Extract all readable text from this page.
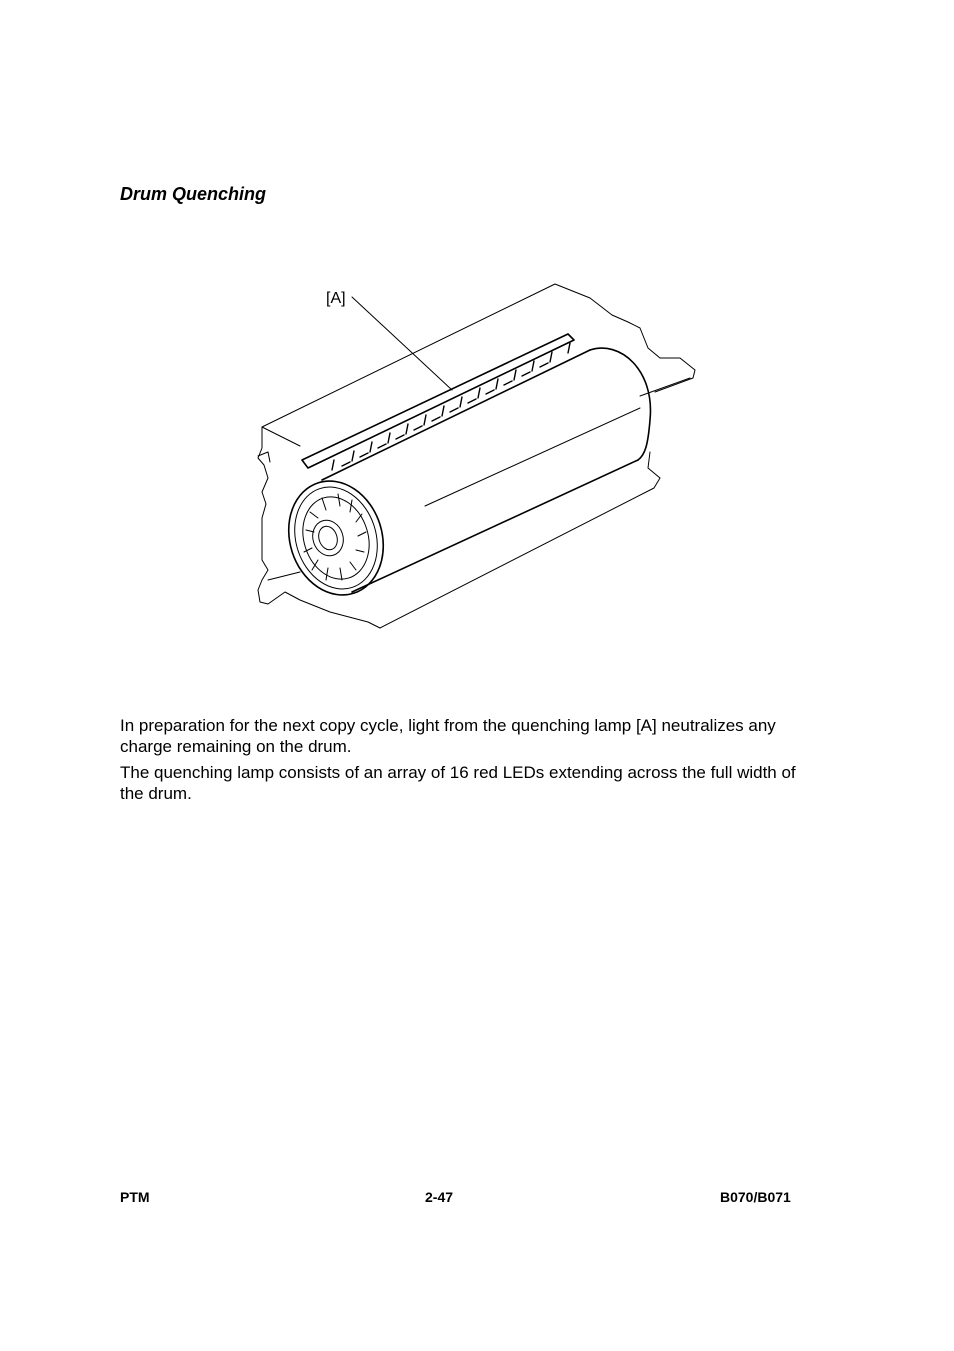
Drum Quenching
[A]

In preparation for the next copy cycle, light from the quenching lamp [A] neutralizes any charge remaining on the drum.

The quenching lamp consists of an array of 16 red LEDs extending across the full width of the drum.

PTM	2-47	B070/B071
